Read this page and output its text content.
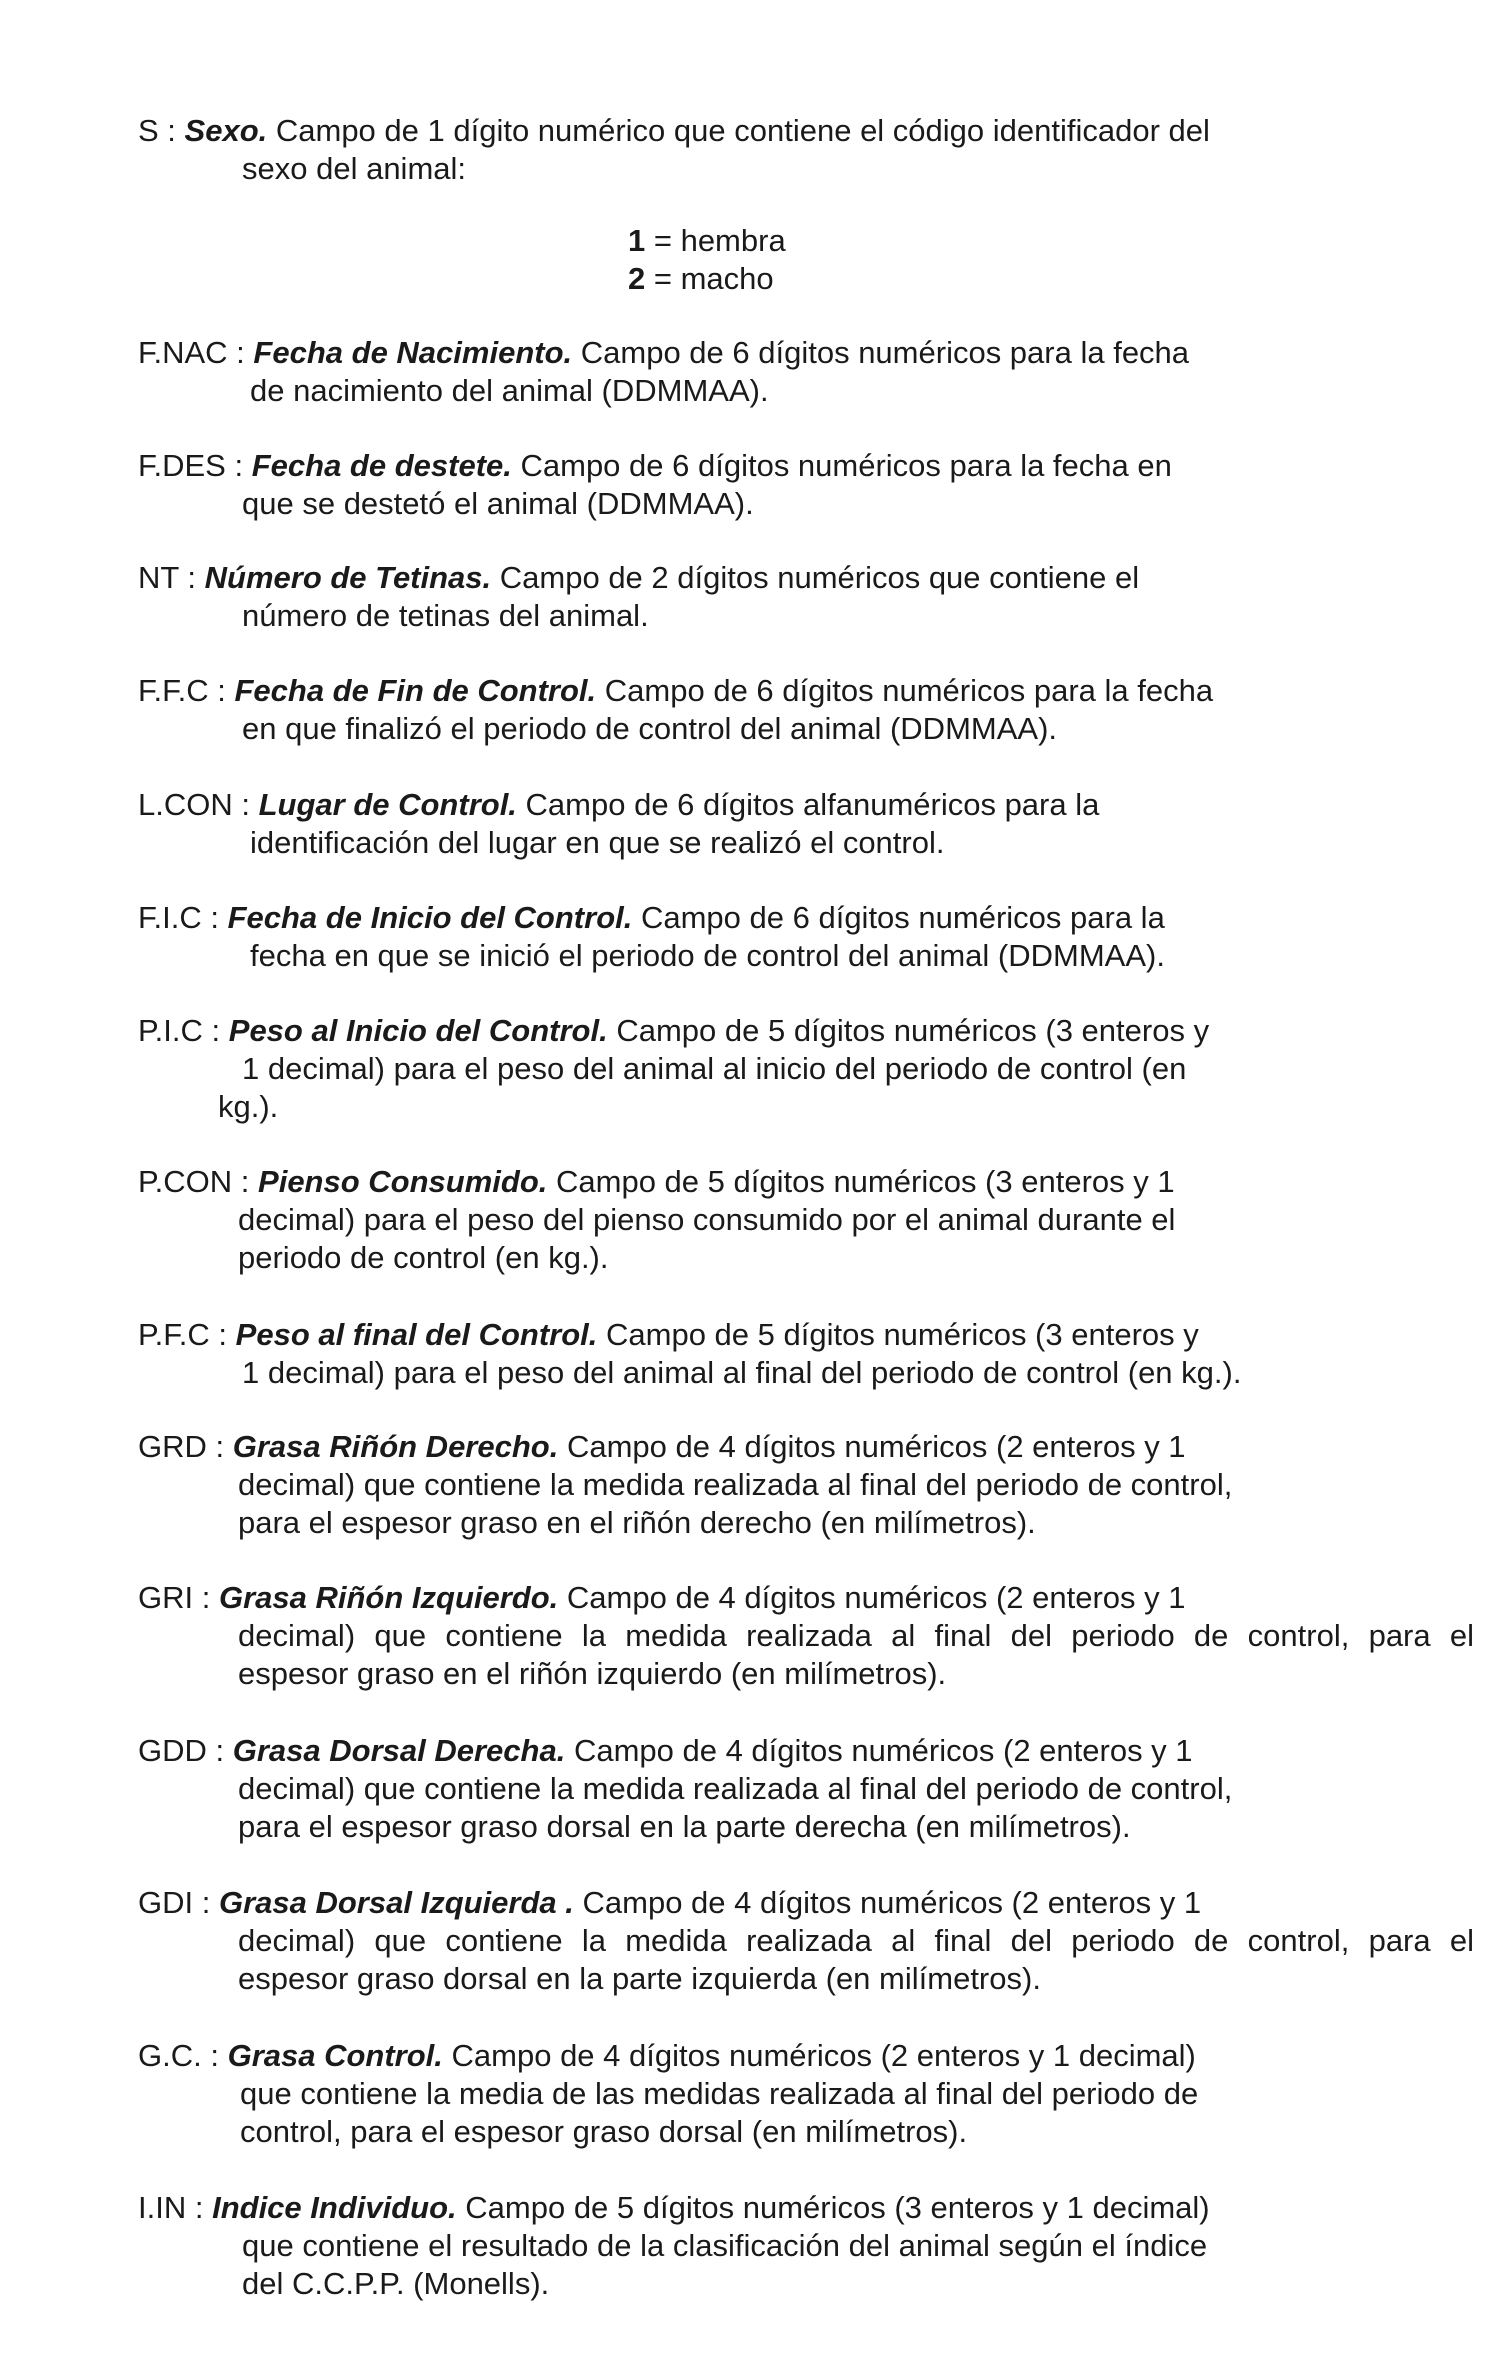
S : Sexo. Campo de 1 dígito numérico que contiene el código identificador del
sexo del animal:
1 = hembra
2 = macho
F.NAC : Fecha de Nacimiento. Campo de 6 dígitos numéricos para la fecha
de nacimiento del animal (DDMMAA).
F.DES : Fecha de destete. Campo de 6 dígitos numéricos para la fecha en
que se destetó el animal (DDMMAA).
NT : Número de Tetinas. Campo de 2 dígitos numéricos que contiene el
número de tetinas del animal.
F.F.C : Fecha de Fin de Control. Campo de 6 dígitos numéricos para la fecha
en que finalizó el periodo de control del animal (DDMMAA).
L.CON : Lugar de Control. Campo de 6 dígitos alfanuméricos para la
identificación del lugar en que se realizó el control.
F.I.C : Fecha de Inicio del Control. Campo de 6 dígitos numéricos para la
fecha en que se inició el periodo de control del animal (DDMMAA).
P.I.C : Peso al Inicio del Control. Campo de 5 dígitos numéricos (3 enteros y
1 decimal) para el peso del animal al inicio del periodo de control (en
kg.).
P.CON : Pienso Consumido. Campo de 5 dígitos numéricos (3 enteros y 1
decimal) para el peso del pienso consumido por el animal durante el
periodo de control (en kg.).
P.F.C : Peso al final del Control. Campo de 5 dígitos numéricos (3 enteros y
1 decimal) para el peso del animal al final del periodo de control (en kg.).
GRD : Grasa Riñón Derecho. Campo de 4 dígitos numéricos (2 enteros y 1
decimal) que contiene la medida realizada al final del periodo de control,
para el espesor graso en el riñón derecho (en milímetros).
GRI : Grasa Riñón Izquierdo. Campo de 4 dígitos numéricos (2 enteros y 1
decimal) que contiene la medida realizada al final del periodo de control, para el
espesor graso en el riñón izquierdo (en milímetros).
GDD : Grasa Dorsal Derecha. Campo de 4 dígitos numéricos (2 enteros y 1
decimal) que contiene la medida realizada al final del periodo de control,
para el espesor graso dorsal en la parte derecha (en milímetros).
GDI : Grasa Dorsal Izquierda . Campo de 4 dígitos numéricos (2 enteros y 1
decimal) que contiene la medida realizada al final del periodo de control, para el
espesor graso dorsal en la parte izquierda (en milímetros).
G.C. : Grasa Control. Campo de 4 dígitos numéricos (2 enteros y 1 decimal)
que contiene la media de las medidas realizada al final del periodo de
control, para el espesor graso dorsal (en milímetros).
I.IN : Indice Individuo. Campo de 5 dígitos numéricos (3 enteros y 1 decimal)
que contiene el resultado de la clasificación del animal según el índice
del C.C.P.P. (Monells).
